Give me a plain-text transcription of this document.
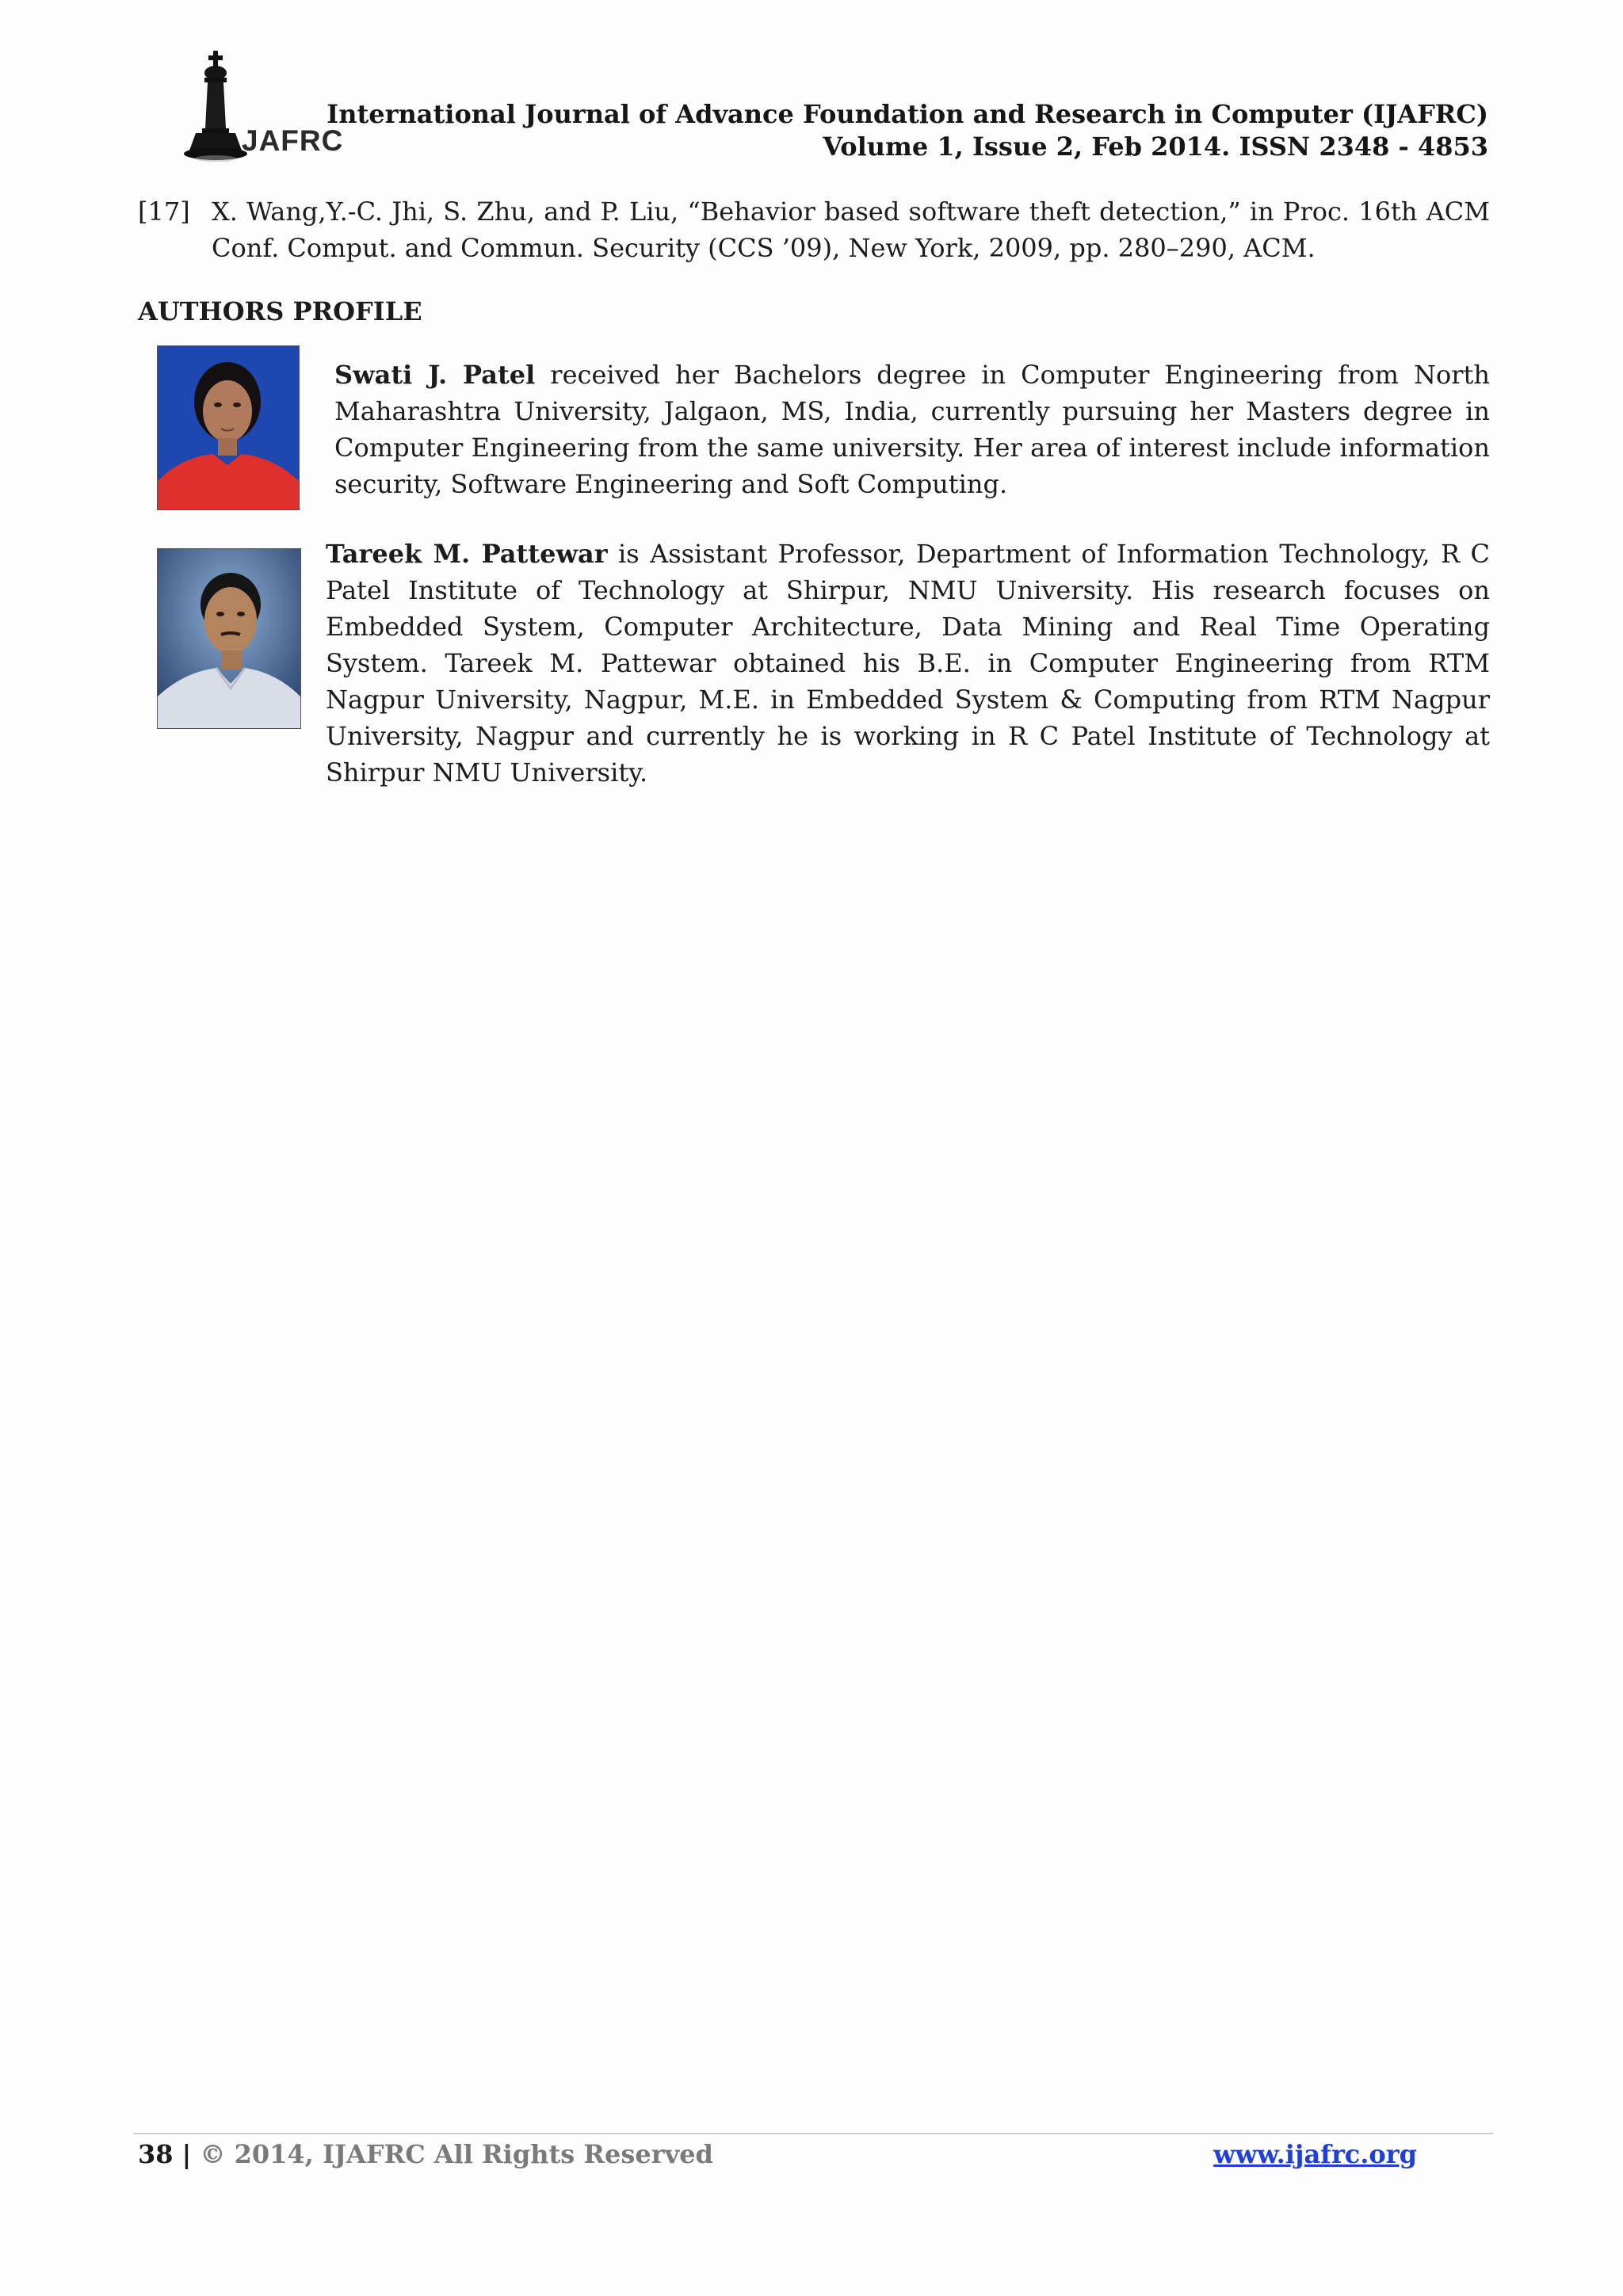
JAFRC
International Journal of Advance Foundation and Research in Computer (IJAFRC)
Volume 1, Issue 2, Feb 2014. ISSN 2348 - 4853
[17] X. Wang,Y.-C. Jhi, S. Zhu, and P. Liu, “Behavior based software theft detection,” in Proc. 16th ACM Conf. Comput. and Commun. Security (CCS ’09), New York, 2009, pp. 280–290, ACM.
AUTHORS PROFILE
Swati J. Patel received her Bachelors degree in Computer Engineering from North Maharashtra University, Jalgaon, MS, India, currently pursuing her Masters degree in Computer Engineering from the same university. Her area of interest include information security, Software Engineering and Soft Computing.
Tareek M. Pattewar is Assistant Professor, Department of Information Technology, R C Patel Institute of Technology at Shirpur, NMU University. His research focuses on Embedded System, Computer Architecture, Data Mining and Real Time Operating System. Tareek M. Pattewar obtained his B.E. in Computer Engineering from RTM Nagpur University, Nagpur, M.E. in Embedded System & Computing from RTM Nagpur University, Nagpur and currently he is working in R C Patel Institute of Technology at Shirpur NMU University.
38 | © 2014, IJAFRC All Rights Reserved	www.ijafrc.org
